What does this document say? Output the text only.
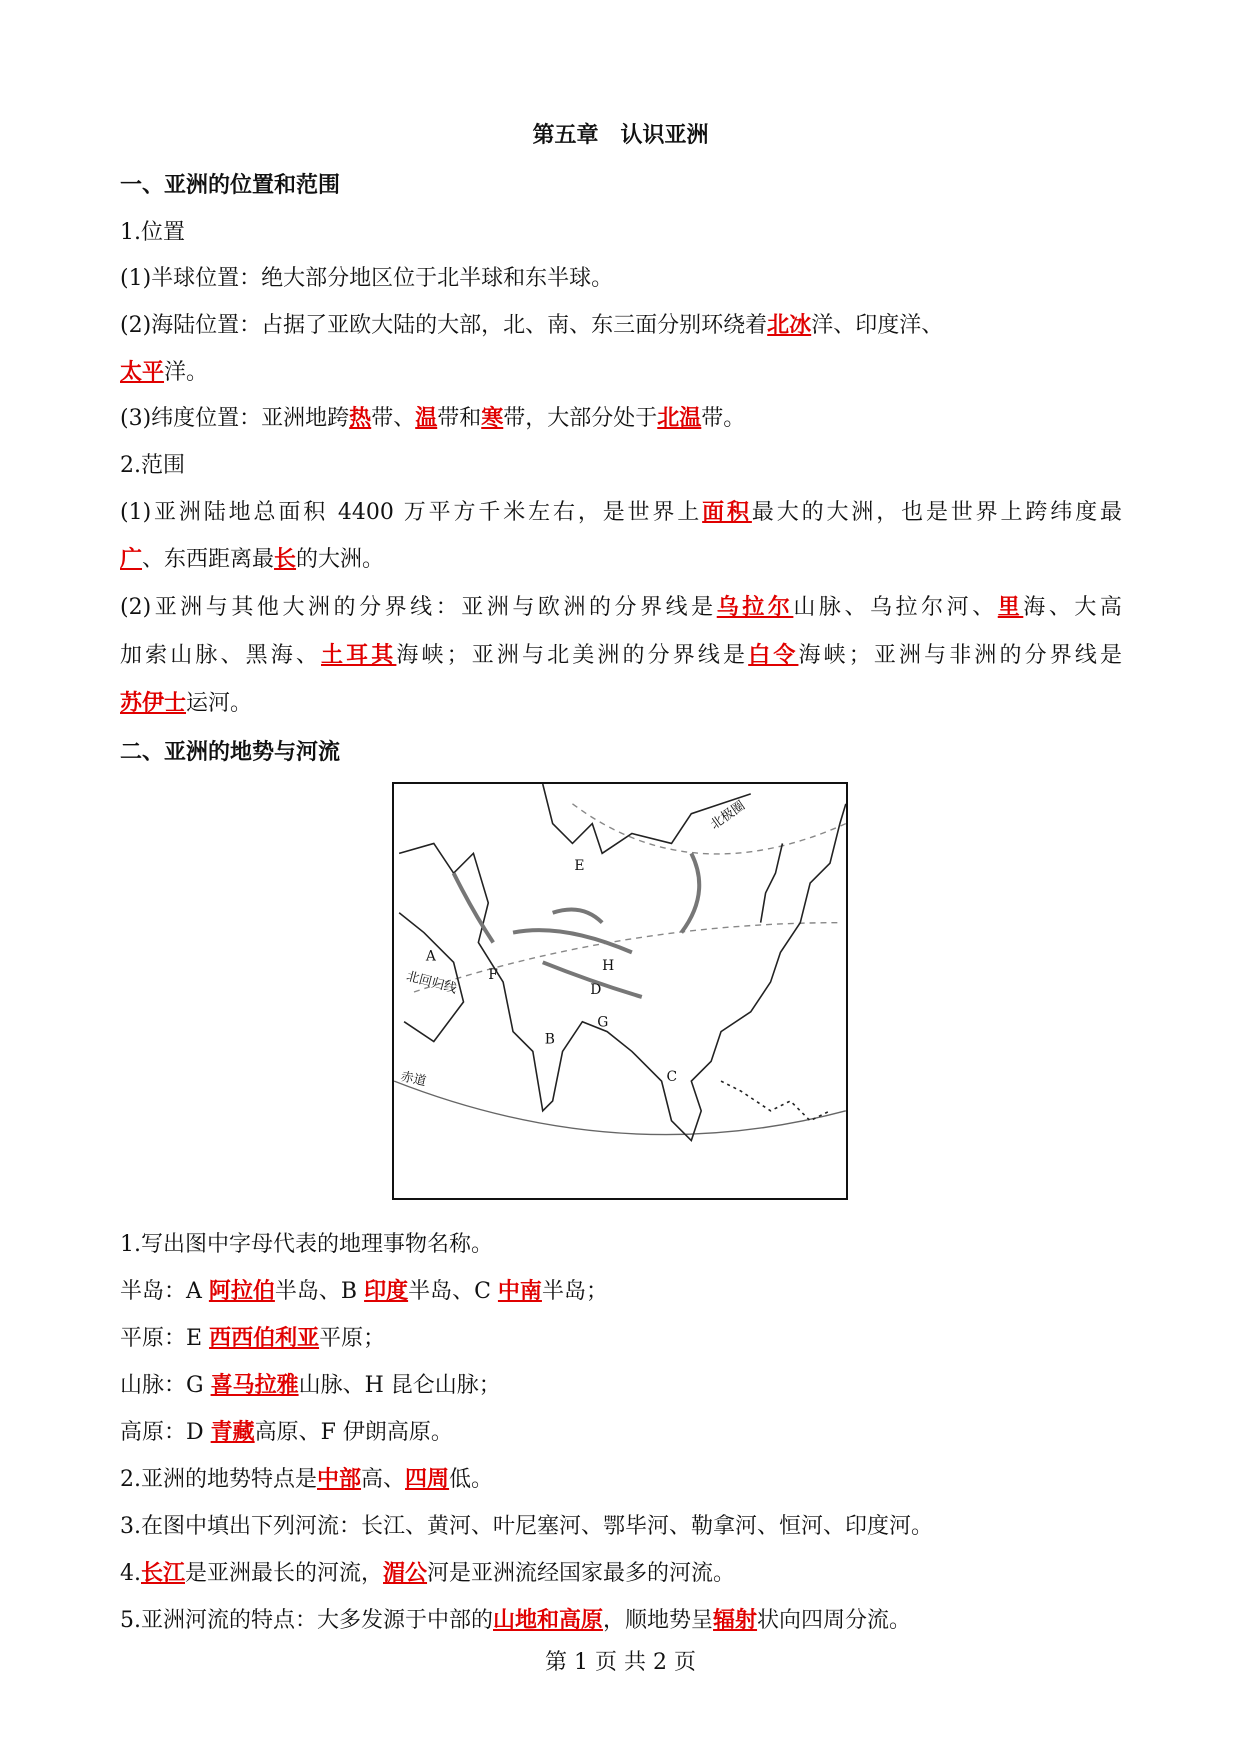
第五章 认识亚洲
一、亚洲的位置和范围
1.位置
(1)半球位置：绝大部分地区位于北半球和东半球。
(2)海陆位置：占据了亚欧大陆的大部，北、南、东三面分别环绕着北冰洋、印度洋、
太平洋。
(3)纬度位置：亚洲地跨热带、温带和寒带，大部分处于北温带。
2.范围
(1)亚洲陆地总面积 4400 万平方千米左右，是世界上面积最大的大洲，也是世界上跨纬度最
广、东西距离最长的大洲。
(2)亚洲与其他大洲的分界线：亚洲与欧洲的分界线是乌拉尔山脉、乌拉尔河、里海、大高
加索山脉、黑海、土耳其海峡；亚洲与北美洲的分界线是白令海峡；亚洲与非洲的分界线是
苏伊士运河。
二、亚洲的地势与河流
北极圈
北回归线
赤道
A
B
C
D
E
F
G
H
1.写出图中字母代表的地理事物名称。
半岛：A 阿拉伯半岛、B 印度半岛、C 中南半岛；
平原：E 西西伯利亚平原；
山脉：G 喜马拉雅山脉、H 昆仑山脉；
高原：D 青藏高原、F 伊朗高原。
2.亚洲的地势特点是中部高、四周低。
3.在图中填出下列河流：长江、黄河、叶尼塞河、鄂毕河、勒拿河、恒河、印度河。
4.长江是亚洲最长的河流，湄公河是亚洲流经国家最多的河流。
5.亚洲河流的特点：大多发源于中部的山地和高原，顺地势呈辐射状向四周分流。
第 1 页 共 2 页
